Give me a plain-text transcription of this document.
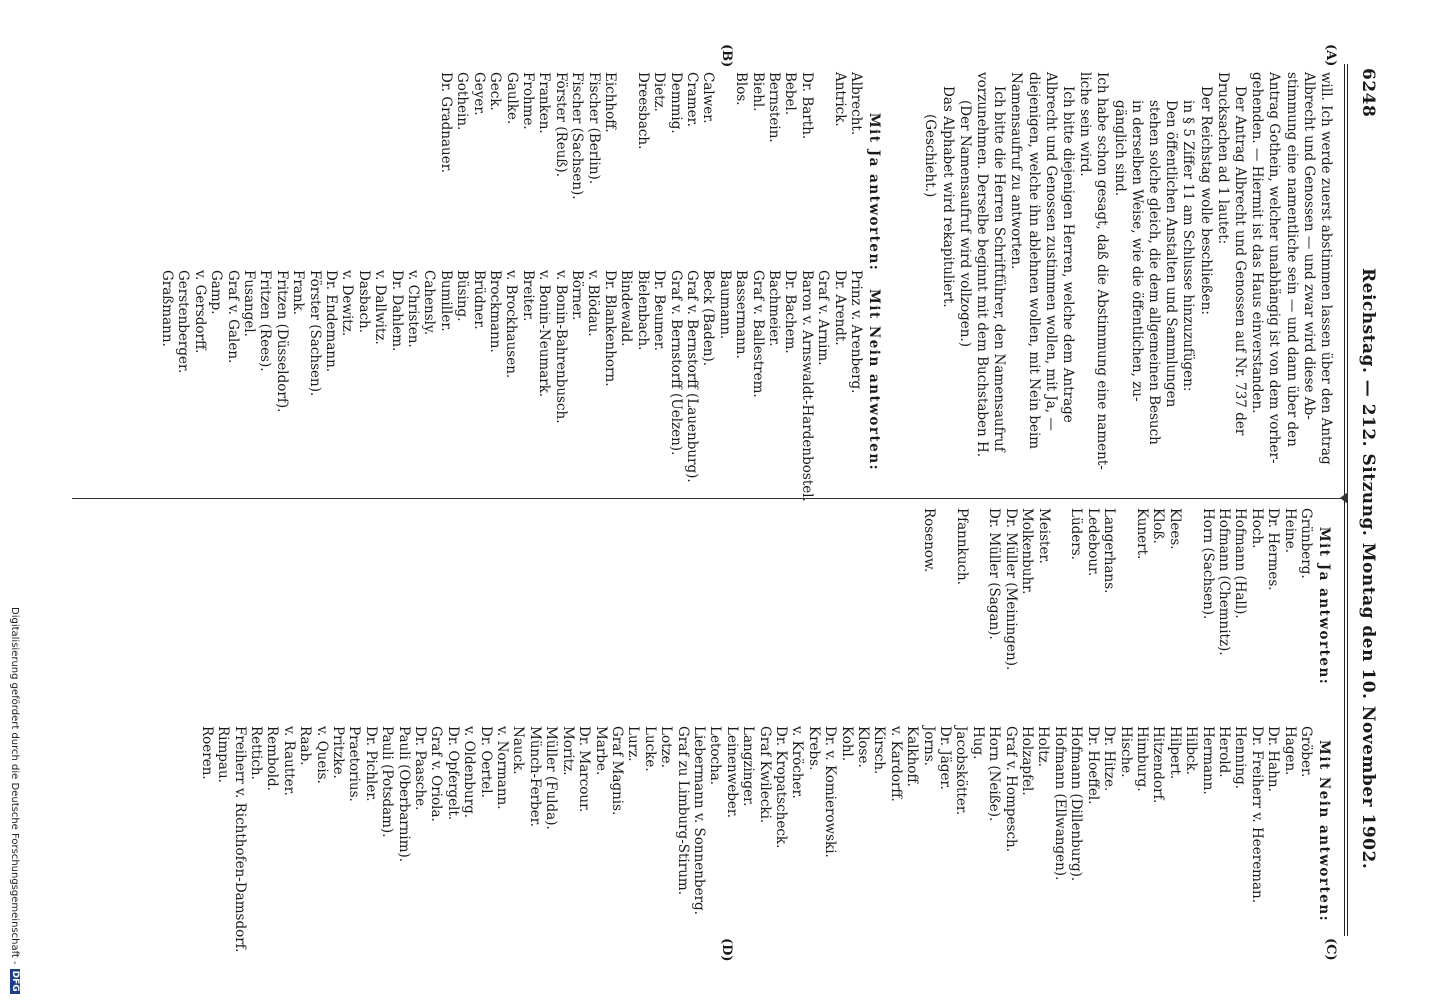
6248
Reichstag. — 212. Sitzung. Montag den 10. November 1902.
(A)
(B)
(C)
(D)
will. Ich werde zuerst abstimmen lassen über den Antrag
Albrecht und Genossen — und zwar wird diese Ab-
stimmung eine namentliche sein — und dann über den
Antrag Gothein, welcher unabhängig ist von dem vorher-
gehenden. — Hiermit ist das Haus einverstanden.
Der Antrag Albrecht und Genossen auf Nr. 737 der
Drucksachen ad 1 lautet:
Der Reichstag wolle beschließen:
in § 5 Ziffer 11 am Schlusse hinzuzufügen:
Den öffentlichen Anstalten und Sammlungen
stehen solche gleich, die dem allgemeinen Besuch
in derselben Weise, wie die öffentlichen, zu-
gänglich sind.
Ich habe schon gesagt, daß die Abstimmung eine nament-
liche sein wird.
Ich bitte diejenigen Herren, welche dem Antrage
Albrecht und Genossen zustimmen wollen, mit Ja, —
diejenigen, welche ihn ablehnen wollen, mit Nein beim
Namensaufruf zu antworten.
Ich bitte die Herren Schriftführer, den Namensaufruf
vorzunehmen. Derselbe beginnt mit dem Buchstaben H.
(Der Namensaufruf wird vollzogen.)
Das Alphabet wird rekapituliert.
(Geschieht.)
Mit Ja antworten:
Mit Nein antworten:
Albrecht.
Antrick.
Dr. Barth.
Bebel.
Bernstein.
Biehl.
Blos.
Calwer.
Cramer.
Demmig.
Dietz.
Dreesbach.
Eichhoff.
Fischer (Berlin).
Fischer (Sachsen).
Förster (Reuß).
Franken.
Frohme.
Gaulke.
Geck.
Geyer.
Gothein.
Dr. Gradnauer.
Prinz v. Arenberg.
Dr. Arendt.
Graf v. Arnim.
Baron v. Arnswaldt-Hardenbostel.
Dr. Bachem.
Bachmeier.
Graf v. Ballestrem.
Bassermann.
Baumann.
Beck (Baden).
Graf v. Bernstorff (Lauenburg).
Graf v. Bernstorff (Uelzen).
Dr. Beumer.
Bielenbach.
Bindewald.
Dr. Blankenhorn.
v. Blödau.
Börner.
v. Bonin-Bahrenbusch.
v. Bonin-Neumark.
Breiter.
v. Brockhausen.
Brockmann.
Brüdner.
Büsing.
Bumiller.
Cahensly.
v. Christen.
Dr. Dahlem.
v. Dallwitz.
Dasbach.
v. Dewitz.
Dr. Endemann.
Förster (Sachsen).
Frank.
Fritzen (Düsseldorf).
Fritzen (Rees).
Fusangel.
Graf v. Galen.
Gamp.
v. Gersdorff.
Gerstenberger.
Graßmann.
Mit Ja antworten:
Mit Nein antworten:
Grünberg.
Heine.
Dr. Hermes.
Hoch.
Hofmann (Hall).
Hofmann (Chemnitz).
Horn (Sachsen).
Klees.
Kloß.
Kunert.
Langerhans.
Ledebour.
Lüders.
Meister.
Molkenbuhr.
Dr. Müller (Meiningen).
Dr. Müller (Sagan).
Pfannkuch.
Rosenow.
Gröber.
Hagen.
Dr. Hahn.
Dr. Freiherr v. Heereman.
Henning.
Herold.
Hermann.
Hilbck.
Hilpert.
Hitzendorf.
Himburg.
Hische.
Dr. Hitze.
Dr. Hoeffel.
Hofmann (Dillenburg).
Hofmann (Ellwangen).
Holtz.
Holzapfel.
Graf v. Hompesch.
Horn (Neiße).
Hug.
Jacobskötter.
Dr. Jäger.
Jorns.
Kalkhoff.
v. Kardorff.
Kirsch.
Klose.
Kohl.
Dr. v. Komierowski.
Krebs.
v. Kröcher.
Dr. Kropatscheck.
Graf Kwilecki.
Langzinger.
Leinenweber.
Letocha.
Liebermann v. Sonnenberg.
Graf zu Limburg-Stirum.
Lotze.
Lucke.
Lurz.
Graf Magnis.
Marbe.
Dr. Marcour.
Moritz.
Müller (Fulda).
Münch-Ferber.
Nauck.
v. Normann.
Dr. Oertel.
v. Oldenburg.
Dr. Opfergelt.
Graf v. Oriola.
Dr. Paasche.
Pauli (Oberbarnim).
Pauli (Potsdam).
Dr. Pichler.
Praetorius.
Pritzke.
v. Queis.
Raab.
v. Rautter.
Rembold.
Rettich.
Freiherr v. Richthofen-Damsdorf.
Rimpau.
Roeren.
Digitalisierung gefördert durch die Deutsche Forschungsgemeinschaft -DFG
